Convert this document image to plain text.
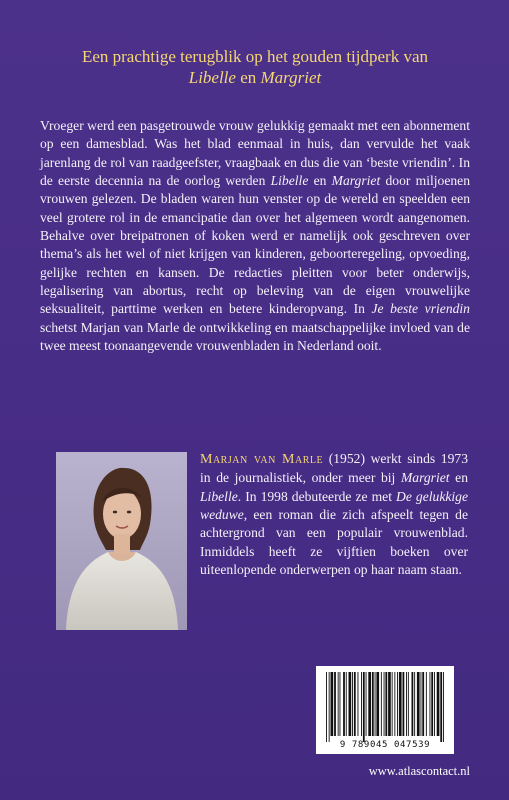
Een prachtige terugblik op het gouden tijdperk van
Libelle en Margriet

Vroeger werd een pasgetrouwde vrouw gelukkig gemaakt met een abonnement op een damesblad. Was het blad eenmaal in huis, dan vervulde het vaak jarenlang de rol van raadgeefster, vraagbaak en dus die van ‘beste vriendin’. In de eerste decennia na de oorlog werden Libelle en Margriet door miljoenen vrouwen gelezen. De bladen waren hun venster op de wereld en speelden een veel grotere rol in de emancipatie dan over het algemeen wordt aangenomen. Behalve over breipatronen of koken werd er namelijk ook geschreven over thema’s als het wel of niet krijgen van kinderen, geboorteregeling, opvoeding, gelijke rechten en kansen. De redacties pleitten voor beter onderwijs, legalisering van abortus, recht op beleving van de eigen vrouwelijke seksualiteit, parttime werken en betere kinderopvang. In Je beste vriendin schetst Marjan van Marle de ontwikkeling en maatschappelijke invloed van de twee meest toonaangevende vrouwenbladen in Nederland ooit.

Marjan van Marle (1952) werkt sinds 1973 in de journalistiek, onder meer bij Margriet en Libelle. In 1998 debuteerde ze met De gelukkige weduwe, een roman die zich afspeelt tegen de achtergrond van een populair vrouwenblad. Inmiddels heeft ze vijftien boeken over uiteenlopende onderwerpen op haar naam staan.

9 789045 047539
www.atlascontact.nl
